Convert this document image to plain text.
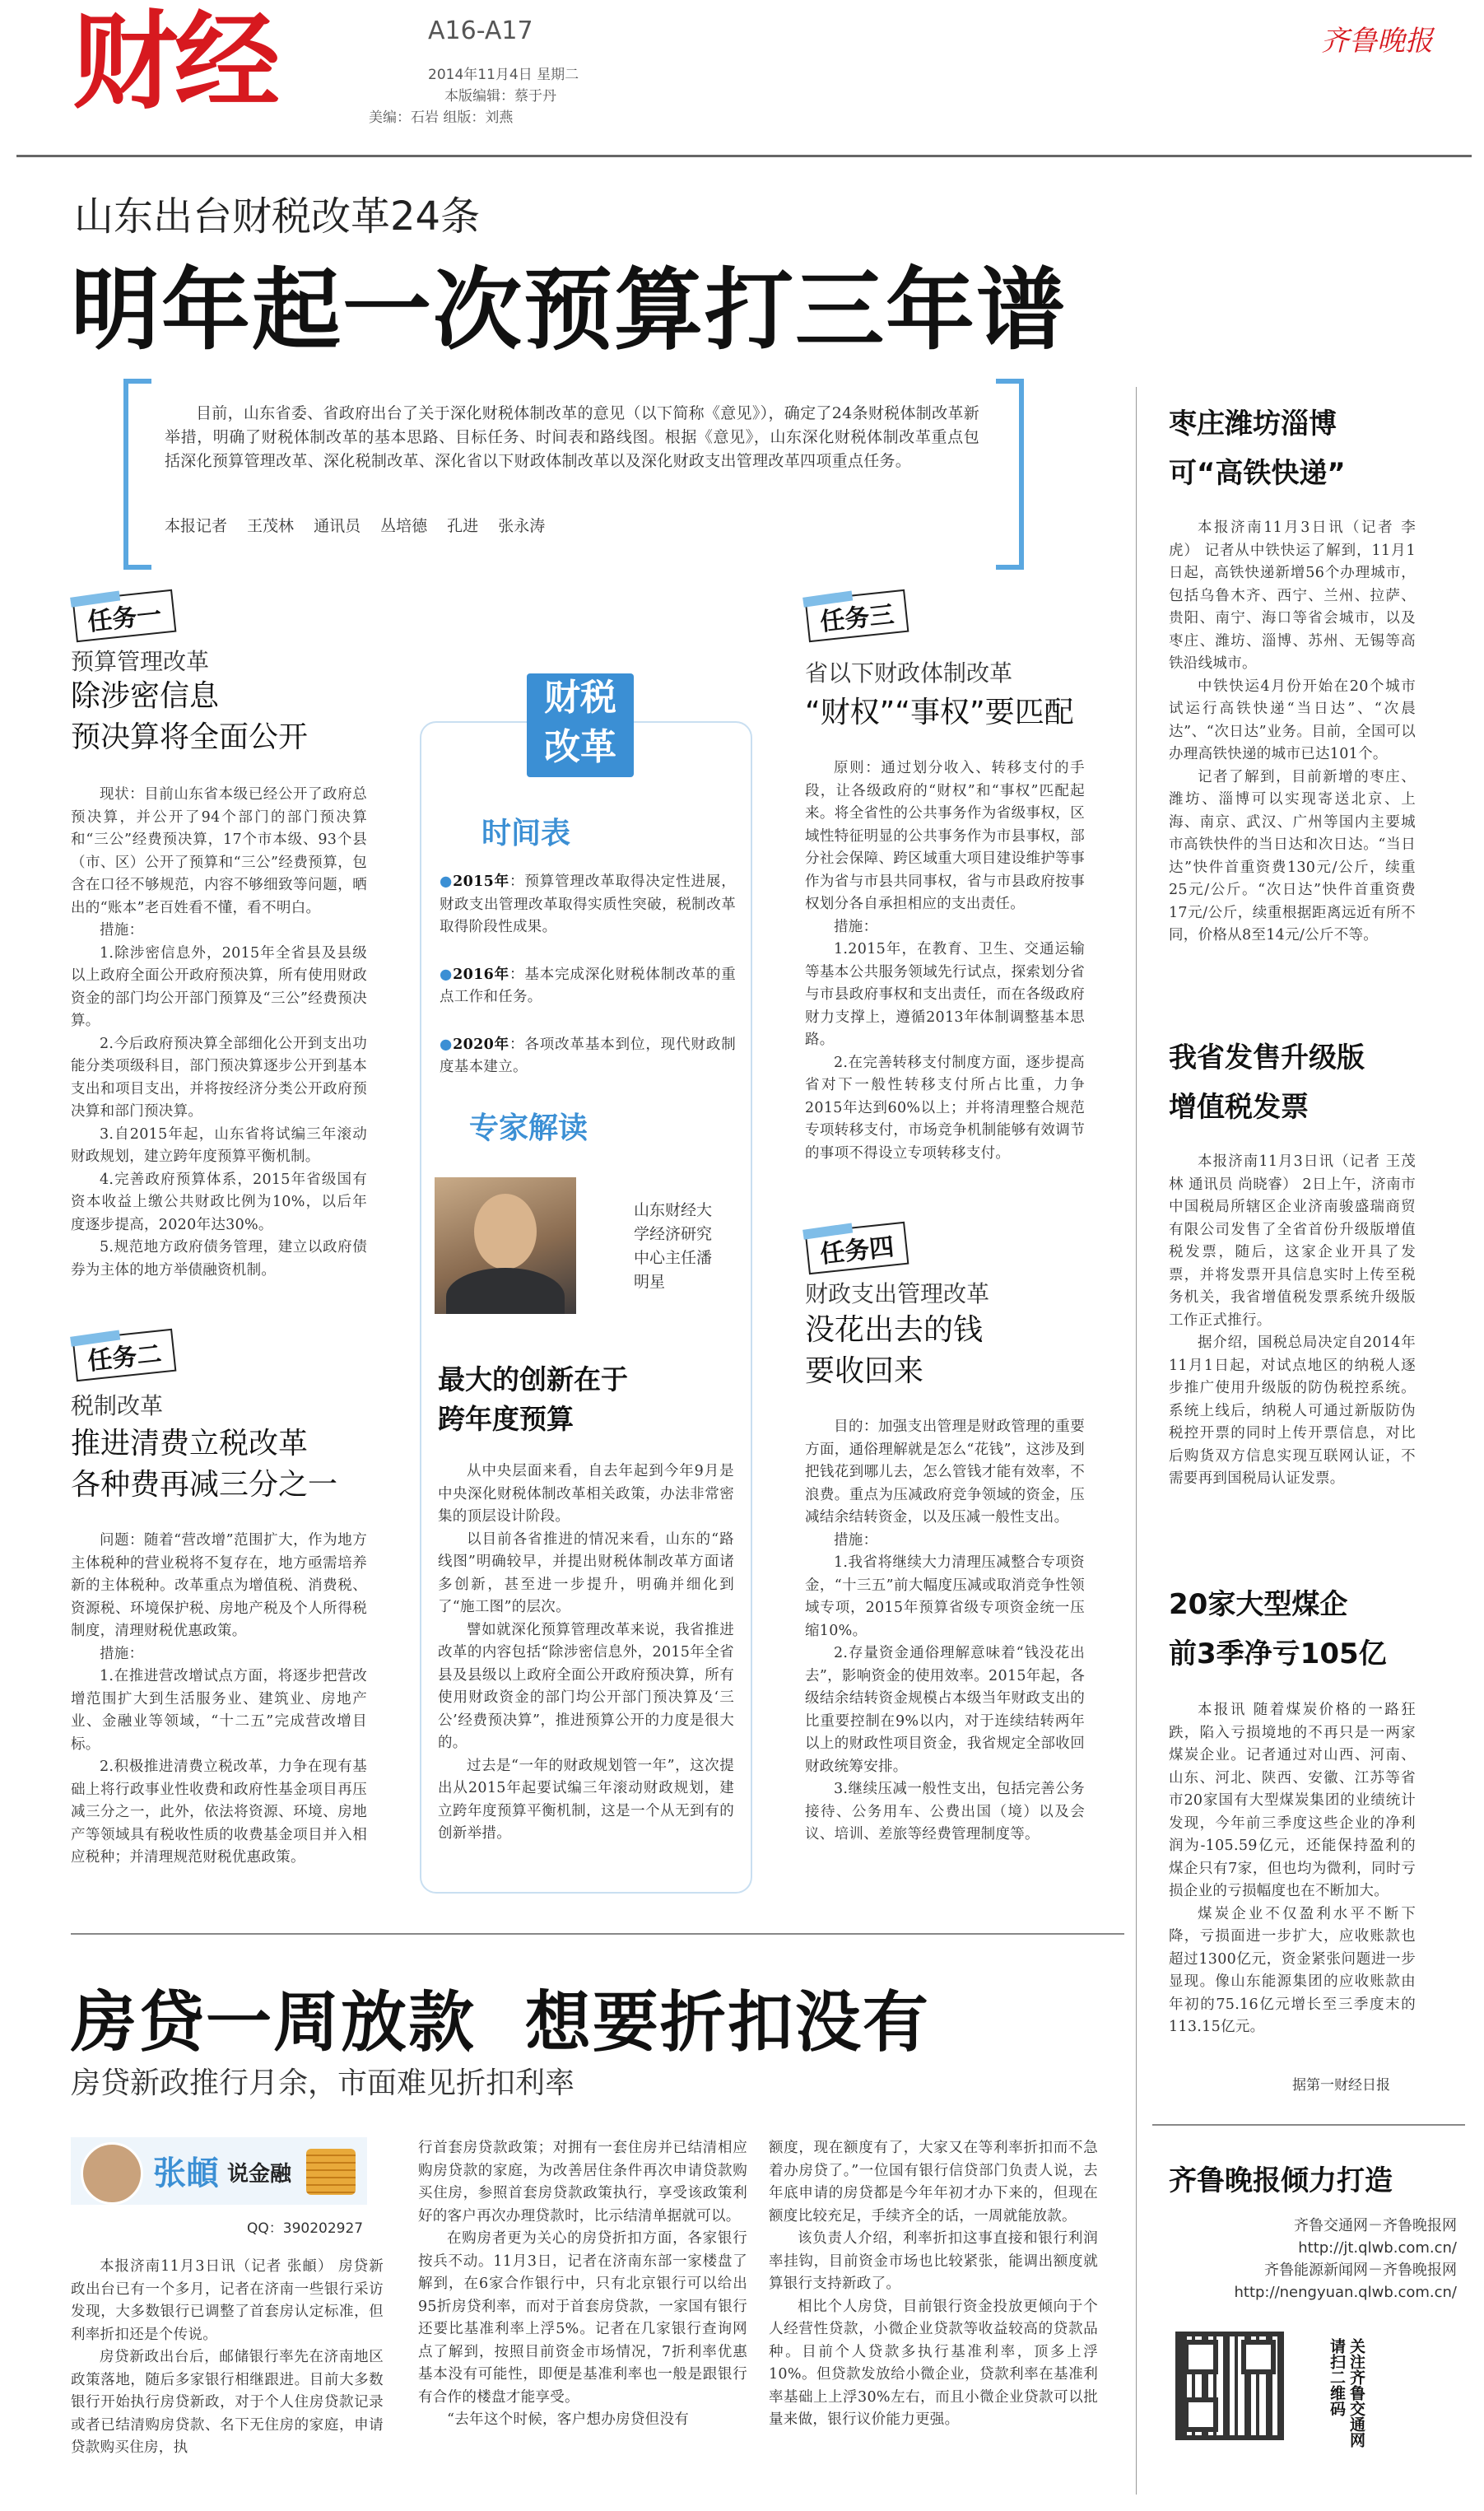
财经	A16-A17
2014年11月4日 星期二
本版编辑：蔡于丹
美编：石岩 组版：刘燕
齐鲁晚报
山东出台财税改革24条
明年起一次预算打三年谱

目前，山东省委、省政府出台了关于深化财税体制改革的意见（以下简称《意见》），确定了24条财税体制改革新举措，明确了财税体制改革的基本思路、目标任务、时间表和路线图。根据《意见》，山东深化财税体制改革重点包括深化预算管理改革、深化税制改革、深化省以下财政体制改革以及深化财政支出管理改革四项重点任务。

本报记者 王茂林 通讯员 丛培德 孔进 张永涛
任务一
预算管理改革
除涉密信息
预决算将全面公开

现状：目前山东省本级已经公开了政府总预决算，并公开了94个部门的部门预决算和“三公”经费预决算，17个市本级、93个县（市、区）公开了预算和“三公”经费预算，包含在口径不够规范，内容不够细致等问题，晒出的“账本”老百姓看不懂，看不明白。

措施：

1.除涉密信息外，2015年全省县及县级以上政府全面公开政府预决算，所有使用财政资金的部门均公开部门预算及“三公”经费预决算。

2.今后政府预决算全部细化公开到支出功能分类项级科目，部门预决算逐步公开到基本支出和项目支出，并将按经济分类公开政府预决算和部门预决算。

3.自2015年起，山东省将试编三年滚动财政规划，建立跨年度预算平衡机制。

4.完善政府预算体系，2015年省级国有资本收益上缴公共财政比例为10%，以后年度逐步提高，2020年达30%。

5.规范地方政府债务管理，建立以政府债券为主体的地方举债融资机制。

任务二
税制改革
推进清费立税改革
各种费再减三分之一

问题：随着“营改增”范围扩大，作为地方主体税种的营业税将不复存在，地方亟需培养新的主体税种。改革重点为增值税、消费税、资源税、环境保护税、房地产税及个人所得税制度，清理财税优惠政策。

措施：

1.在推进营改增试点方面，将逐步把营改增范围扩大到生活服务业、建筑业、房地产业、金融业等领域，“十二五”完成营改增目标。

2.积极推进清费立税改革，力争在现有基础上将行政事业性收费和政府性基金项目再压减三分之一，此外，依法将资源、环境、房地产等领域具有税收性质的收费基金项目并入相应税种；并清理规范财税优惠政策。

财税
改革
时间表
●2015年：预算管理改革取得决定性进展，财政支出管理改革取得实质性突破，税制改革取得阶段性成果。
●2016年：基本完成深化财税体制改革的重点工作和任务。
●2020年：各项改革基本到位，现代财政制度基本建立。
专家解读
山东财经大学经济研究中心主任潘明星
最大的创新在于
跨年度预算

从中央层面来看，自去年起到今年9月是中央深化财税体制改革相关政策，办法非常密集的顶层设计阶段。

以目前各省推进的情况来看，山东的“路线图”明确较早，并提出财税体制改革方面诸多创新，甚至进一步提升，明确并细化到了“施工图”的层次。

譬如就深化预算管理改革来说，我省推进改革的内容包括“除涉密信息外，2015年全省县及县级以上政府全面公开政府预决算，所有使用财政资金的部门均公开部门预决算及‘三公’经费预决算”，推进预算公开的力度是很大的。

过去是“一年的财政规划管一年”，这次提出从2015年起要试编三年滚动财政规划，建立跨年度预算平衡机制，这是一个从无到有的创新举措。

任务三
省以下财政体制改革
“财权”“事权”要匹配

原则：通过划分收入、转移支付的手段，让各级政府的“财权”和“事权”匹配起来。将全省性的公共事务作为省级事权，区域性特征明显的公共事务作为市县事权，部分社会保障、跨区域重大项目建设维护等事作为省与市县共同事权，省与市县政府按事权划分各自承担相应的支出责任。

措施：

1.2015年，在教育、卫生、交通运输等基本公共服务领域先行试点，探索划分省与市县政府事权和支出责任，而在各级政府财力支撑上，遵循2013年体制调整基本思路。

2.在完善转移支付制度方面，逐步提高省对下一般性转移支付所占比重，力争2015年达到60%以上；并将清理整合规范专项转移支付，市场竞争机制能够有效调节的事项不得设立专项转移支付。

任务四
财政支出管理改革
没花出去的钱
要收回来

目的：加强支出管理是财政管理的重要方面，通俗理解就是怎么“花钱”，这涉及到把钱花到哪儿去，怎么管钱才能有效率，不浪费。重点为压减政府竞争领域的资金，压减结余结转资金，以及压减一般性支出。

措施：

1.我省将继续大力清理压减整合专项资金，“十三五”前大幅度压减或取消竞争性领域专项，2015年预算省级专项资金统一压缩10%。

2.存量资金通俗理解意味着“钱没花出去”，影响资金的使用效率。2015年起，各级结余结转资金规模占本级当年财政支出的比重要控制在9%以内，对于连续结转两年以上的财政性项目资金，我省规定全部收回财政统筹安排。

3.继续压减一般性支出，包括完善公务接待、公务用车、公费出国（境）以及会议、培训、差旅等经费管理制度等。

枣庄潍坊淄博
可“高铁快递”

本报济南11月3日讯（记者 李虎） 记者从中铁快运了解到，11月1日起，高铁快递新增56个办理城市，包括乌鲁木齐、西宁、兰州、拉萨、贵阳、南宁、海口等省会城市，以及枣庄、潍坊、淄博、苏州、无锡等高铁沿线城市。

中铁快运4月份开始在20个城市试运行高铁快递“当日达”、“次晨达”、“次日达”业务。目前，全国可以办理高铁快递的城市已达101个。

记者了解到，目前新增的枣庄、潍坊、淄博可以实现寄送北京、上海、南京、武汉、广州等国内主要城市高铁快件的当日达和次日达。“当日达”快件首重资费130元/公斤，续重25元/公斤。“次日达”快件首重资费17元/公斤，续重根据距离远近有所不同，价格从8至14元/公斤不等。

我省发售升级版
增值税发票

本报济南11月3日讯（记者 王茂林 通讯员 尚晓睿） 2日上午，济南市中国税局所辖区企业济南骏盛瑞商贸有限公司发售了全省首份升级版增值税发票，随后，这家企业开具了发票，并将发票开具信息实时上传至税务机关，我省增值税发票系统升级版工作正式推行。

据介绍，国税总局决定自2014年11月1日起，对试点地区的纳税人逐步推广使用升级版的防伪税控系统。系统上线后，纳税人可通过新版防伪税控开票的同时上传开票信息，对比后购货双方信息实现互联网认证，不需要再到国税局认证发票。

20家大型煤企
前3季净亏105亿

本报讯 随着煤炭价格的一路狂跌，陷入亏损境地的不再只是一两家煤炭企业。记者通过对山西、河南、山东、河北、陕西、安徽、江苏等省市20家国有大型煤炭集团的业绩统计发现，今年前三季度这些企业的净利润为-105.59亿元，还能保持盈利的煤企只有7家，但也均为微利，同时亏损企业的亏损幅度也在不断加大。

煤炭企业不仅盈利水平不断下降，亏损面进一步扩大，应收账款也超过1300亿元，资金紧张问题进一步显现。像山东能源集团的应收账款由年初的75.16亿元增长至三季度末的113.15亿元。

据第一财经日报
齐鲁晚报倾力打造
齐鲁交通网－齐鲁晚报网
http://jt.qlwb.com.cn/
齐鲁能源新闻网－齐鲁晚报网
http://nengyuan.qlwb.com.cn/
关注齐鲁交通网 请扫二维码
房贷一周放款 想要折扣没有
房贷新政推行月余，市面难见折扣利率
张頔 说金融
QQ：390202927

本报济南11月3日讯（记者 张頔） 房贷新政出台已有一个多月，记者在济南一些银行采访发现，大多数银行已调整了首套房认定标准，但利率折扣还是个传说。

房贷新政出台后，邮储银行率先在济南地区政策落地，随后多家银行相继跟进。目前大多数银行开始执行房贷新政，对于个人住房贷款记录或者已结清购房贷款、名下无住房的家庭，申请贷款购买住房，执

行首套房贷款政策；对拥有一套住房并已结清相应购房贷款的家庭，为改善居住条件再次申请贷款购买住房，参照首套房贷款政策执行，享受该政策利好的客户再次办理贷款时，比示结清单据就可以。

在购房者更为关心的房贷折扣方面，各家银行按兵不动。11月3日，记者在济南东部一家楼盘了解到，在6家合作银行中，只有北京银行可以给出95折房贷利率，而对于首套房贷款，一家国有银行还要比基准利率上浮5%。记者在几家银行查询网点了解到，按照目前资金市场情况，7折利率优惠基本没有可能性，即便是基准利率也一般是跟银行有合作的楼盘才能享受。

“去年这个时候，客户想办房贷但没有

额度，现在额度有了，大家又在等利率折扣而不急着办房贷了。”一位国有银行信贷部门负责人说，去年底申请的房贷都是今年年初才办下来的，但现在额度比较充足，手续齐全的话，一周就能放款。

该负责人介绍，利率折扣这事直接和银行利润率挂钩，目前资金市场也比较紧张，能调出额度就算银行支持新政了。

相比个人房贷，目前银行资金投放更倾向于个人经营性贷款，小微企业贷款等收益较高的贷款品种。目前个人贷款多执行基准利率，顶多上浮10%。但贷款发放给小微企业，贷款利率在基准利率基础上上浮30%左右，而且小微企业贷款可以批量来做，银行议价能力更强。
